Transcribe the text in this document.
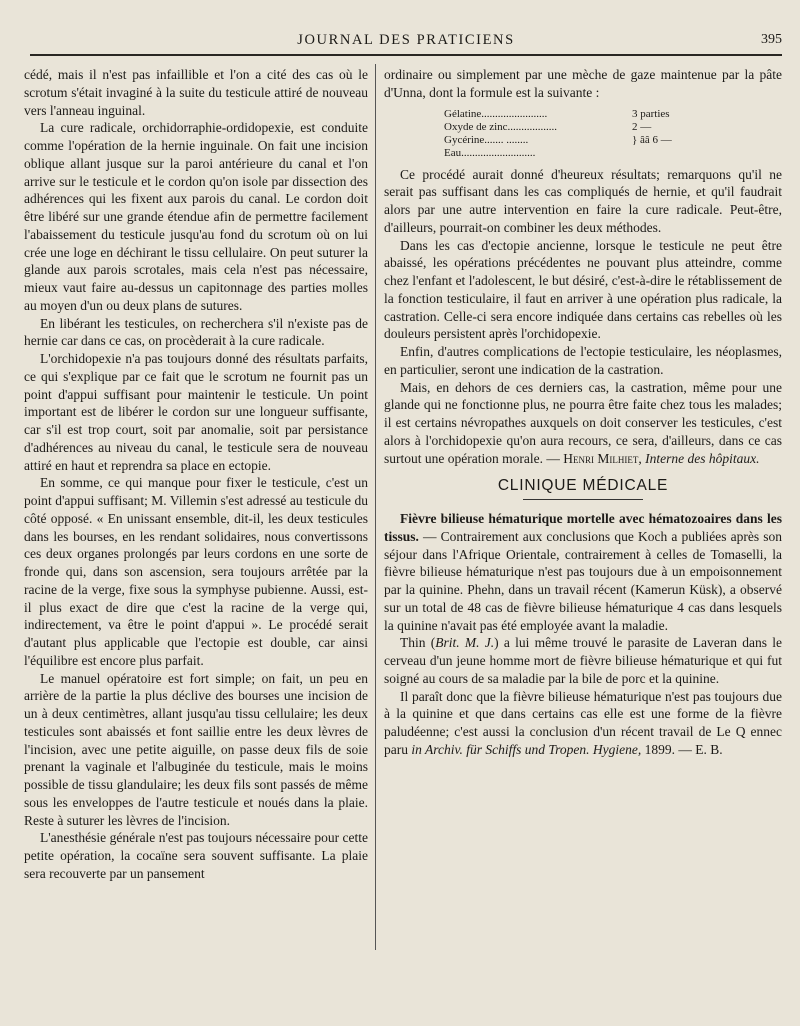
JOURNAL DES PRATICIENS	395

cédé, mais il n'est pas infaillible et l'on a cité des cas où le scrotum s'était invaginé à la suite du testicule attiré de nouveau vers l'anneau inguinal.

La cure radicale, orchidorraphie-ordidopexie, est conduite comme l'opération de la hernie inguinale. On fait une incision oblique allant jusque sur la paroi antérieure du canal et l'on arrive sur le testicule et le cordon qu'on isole par dissection des adhérences qui les fixent aux parois du canal. Le cordon doit être libéré sur une grande étendue afin de permettre facilement l'abaissement du testicule jusqu'au fond du scrotum où on lui crée une loge en déchirant le tissu cellulaire. On peut suturer la glande aux parois scrotales, mais cela n'est pas nécessaire, mieux vaut faire au-dessus un capitonnage des parties molles au moyen d'un ou deux plans de sutures.

En libérant les testicules, on recherchera s'il n'existe pas de hernie car dans ce cas, on procèderait à la cure radicale.

L'orchidopexie n'a pas toujours donné des résultats parfaits, ce qui s'explique par ce fait que le scrotum ne fournit pas un point d'appui suffisant pour maintenir le testicule. Un point important est de libérer le cordon sur une longueur suffisante, car s'il est trop court, soit par anomalie, soit par persistance d'adhérences au niveau du canal, le testicule sera de nouveau attiré en haut et reprendra sa place en ectopie.

En somme, ce qui manque pour fixer le testicule, c'est un point d'appui suffisant; M. Villemin s'est adressé au testicule du côté opposé. « En unissant ensemble, dit-il, les deux testicules dans les bourses, en les rendant solidaires, nous convertissons ces deux organes prolongés par leurs cordons en une sorte de fronde qui, dans son ascension, sera toujours arrêtée par la racine de la verge, fixe sous la symphyse pubienne. Aussi, est-il plus exact de dire que c'est la racine de la verge qui, indirectement, va être le point d'appui ». Le procédé serait d'autant plus applicable que l'ectopie est double, car ainsi l'équilibre est encore plus parfait.

Le manuel opératoire est fort simple; on fait, un peu en arrière de la partie la plus déclive des bourses une incision de un à deux centimètres, allant jusqu'au tissu cellulaire; les deux testicules sont abaissés et font saillie entre les deux lèvres de l'incision, avec une petite aiguille, on passe deux fils de soie prenant la vaginale et l'albuginée du testicule, mais le moins possible de tissu glandulaire; les deux fils sont passés de même sous les enveloppes de l'autre testicule et noués dans la plaie. Reste à suturer les lèvres de l'incision.

L'anesthésie générale n'est pas toujours nécessaire pour cette petite opération, la cocaïne sera souvent suffisante. La plaie sera recouverte par un pansement

ordinaire ou simplement par une mèche de gaze maintenue par la pâte d'Unna, dont la formule est la suivante :

Gélatine........................	3 parties
Oxyde de zinc..................	2 —
Gycérine....... ........	} ââ 6 —
Eau...........................

Ce procédé aurait donné d'heureux résultats; remarquons qu'il ne serait pas suffisant dans les cas compliqués de hernie, et qu'il faudrait alors par une autre intervention en faire la cure radicale. Peut-être, d'ailleurs, pourrait-on combiner les deux méthodes.

Dans les cas d'ectopie ancienne, lorsque le testicule ne peut être abaissé, les opérations précédentes ne pouvant plus atteindre, comme chez l'enfant et l'adolescent, le but désiré, c'est-à-dire le rétablissement de la fonction testiculaire, il faut en arriver à une opération plus radicale, la castration. Celle-ci sera encore indiquée dans certains cas rebelles où les douleurs persistent après l'orchidopexie.

Enfin, d'autres complications de l'ectopie testiculaire, les néoplasmes, en particulier, seront une indication de la castration.

Mais, en dehors de ces derniers cas, la castration, même pour une glande qui ne fonctionne plus, ne pourra être faite chez tous les malades; il est certains névropathes auxquels on doit conserver les testicules, c'est alors à l'orchidopexie qu'on aura recours, ce sera, d'ailleurs, dans ce cas surtout une opération morale. — Henri Milhiet, Interne des hôpitaux.

CLINIQUE MÉDICALE

Fièvre bilieuse hématurique mortelle avec hématozoaires dans les tissus. — Contrairement aux conclusions que Koch a publiées après son séjour dans l'Afrique Orientale, contrairement à celles de Tomaselli, la fièvre bilieuse hématurique n'est pas toujours due à un empoisonnement par la quinine. Phehn, dans un travail récent (Kamerun Küsk), a observé sur un total de 48 cas de fièvre bilieuse hématurique 4 cas dans lesquels la quinine n'avait pas été employée avant la maladie.

Thin (Brit. M. J.) a lui même trouvé le parasite de Laveran dans le cerveau d'un jeune homme mort de fièvre bilieuse hématurique et qui fut soigné au cours de sa maladie par la bile de porc et la quinine.

Il paraît donc que la fièvre bilieuse hématurique n'est pas toujours due à la quinine et que dans certains cas elle est une forme de la fièvre paludéenne; c'est aussi la conclusion d'un récent travail de Le Q ennec paru in Archiv. für Schiffs und Tropen. Hygiene, 1899. — E. B.
